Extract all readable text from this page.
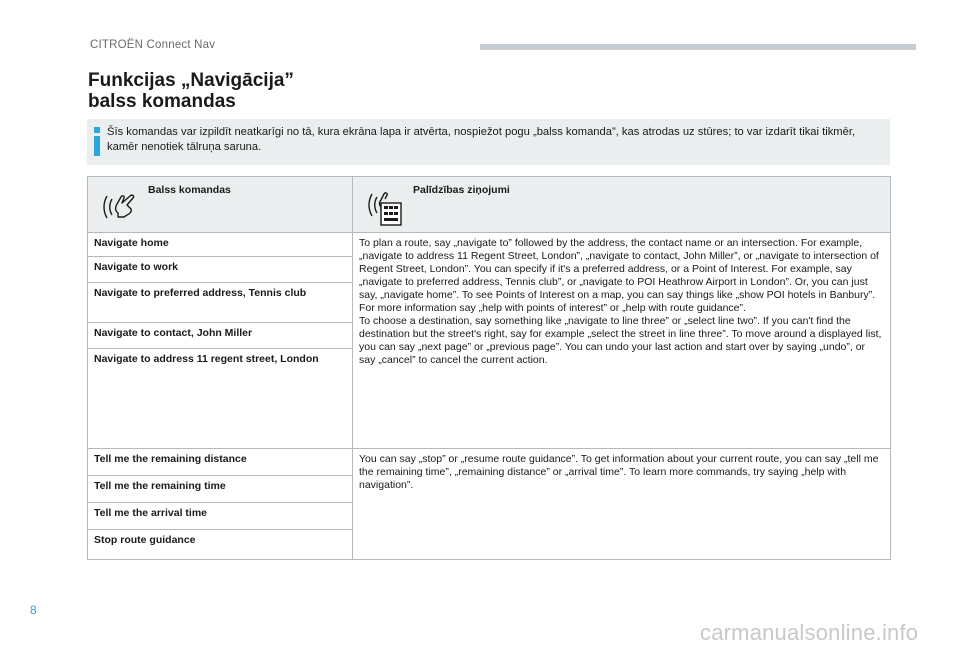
CITROËN Connect Nav
Funkcijas „Navigācija”
balss komandas
Šīs komandas var izpildīt neatkarīgi no tā, kura ekrāna lapa ir atvērta, nospiežot pogu „balss komanda”, kas atrodas uz stūres; to var izdarīt tikai tikmēr, kamēr nenotiek tālruņa saruna.
Balss komandas	Palīdzības ziņojumi

Navigate home	To plan a route, say „navigate to” followed by the address, the contact name or an intersection. For example, „navigate to address 11 Regent Street, London”, „navigate to contact, John Miller”, or „navigate to intersection of Regent Street, London”. You can specify if it's a preferred address, or a Point of Interest. For example, say „navigate to preferred address, Tennis club”, or „navigate to POI Heathrow Airport in London”. Or, you can just say, „navigate home”. To see Points of Interest on a map, you can say things like „show POI hotels in Banbury”. For more information say „help with points of interest” or „help with route guidance”.
To choose a destination, say something like „navigate to line three” or „select line two”. If you can't find the destination but the street's right, say for example „select the street in line three”. To move around a displayed list, you can say „next page” or „previous page”. You can undo your last action and start over by saying „undo”, or say „cancel” to cancel the current action.

Navigate to work	
Navigate to preferred address, Tennis club	
Navigate to contact, John Miller	
Navigate to address 11 regent street, London	
Tell me the remaining distance	You can say „stop” or „resume route guidance”. To get information about your current route, you can say „tell me the remaining time”, „remaining distance” or „arrival time”. To learn more commands, try saying „help with navigation”.

Tell me the remaining time	
Tell me the arrival time	
Stop route guidance	
8
carmanualsonline.info
